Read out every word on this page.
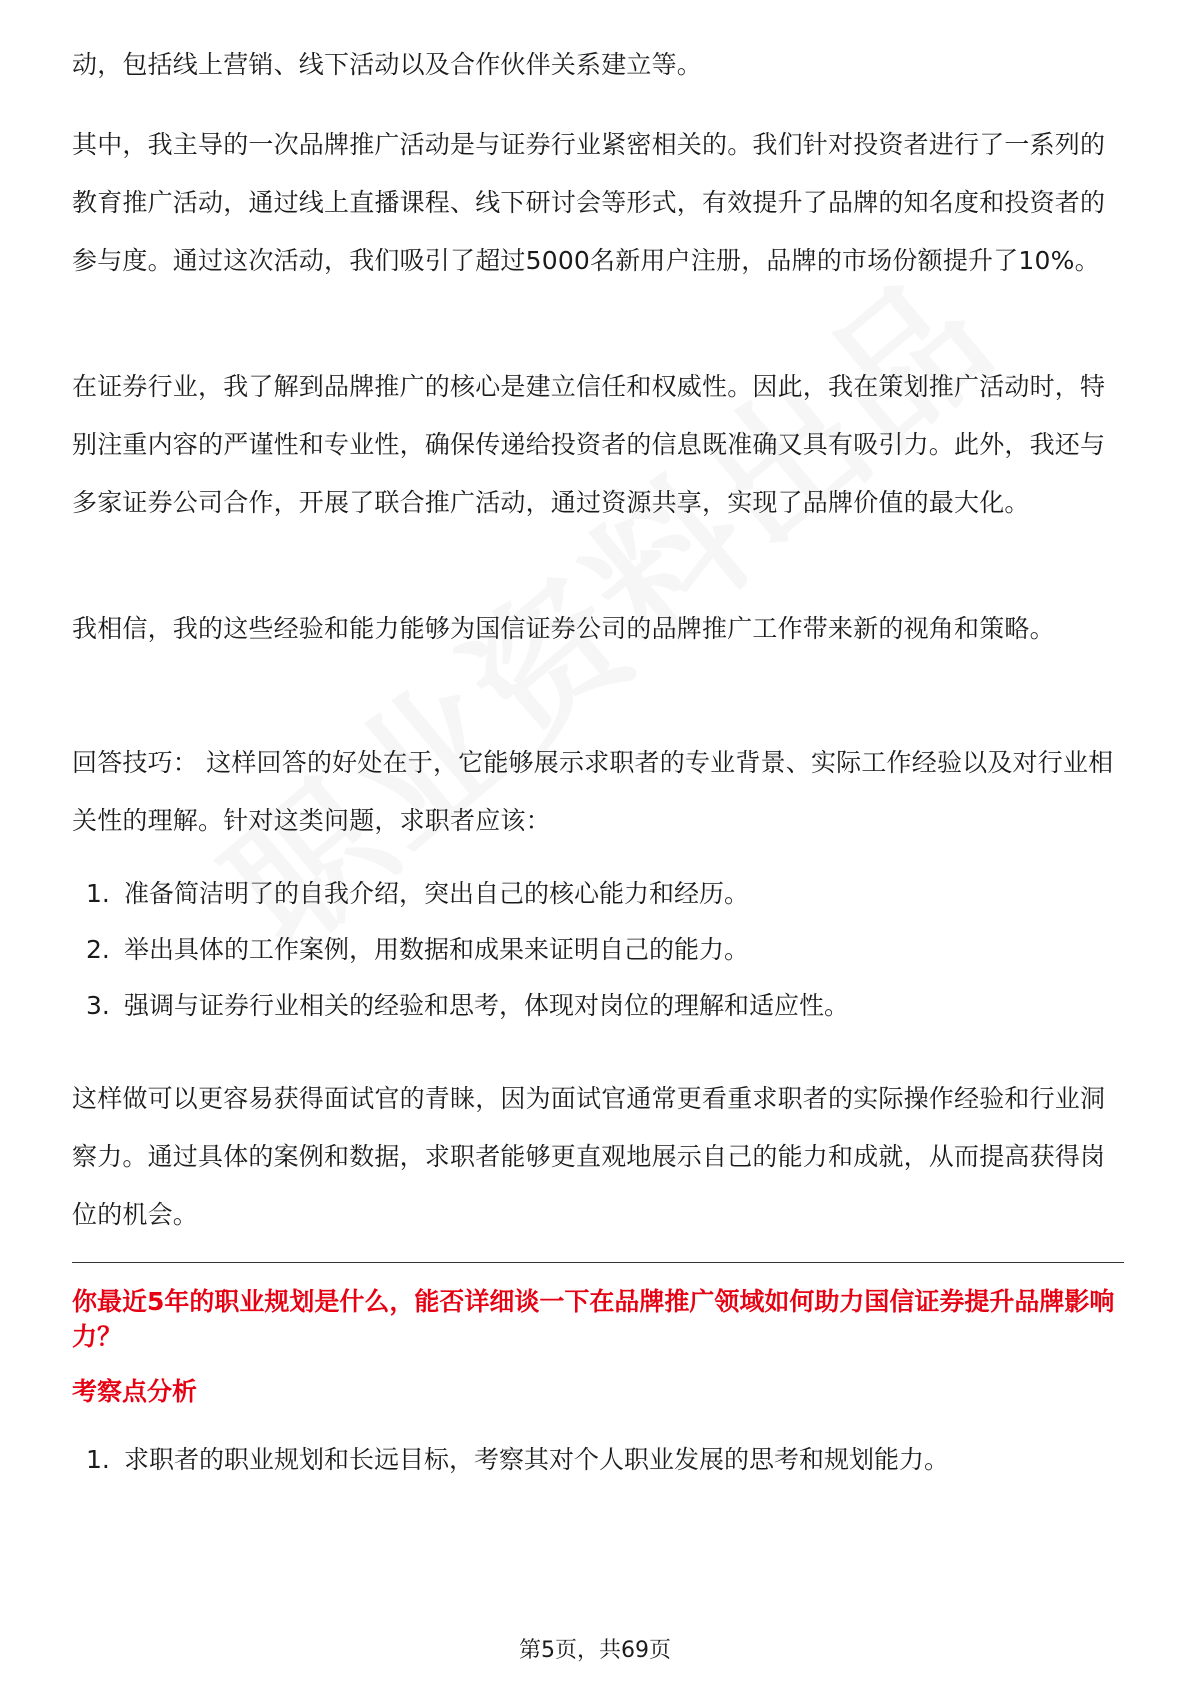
动，包括线上营销、线下活动以及合作伙伴关系建立等。

其中，我主导的一次品牌推广活动是与证券行业紧密相关的。我们针对投资者进行了一系列的教育推广活动，通过线上直播课程、线下研讨会等形式，有效提升了品牌的知名度和投资者的参与度。通过这次活动，我们吸引了超过5000名新用户注册，品牌的市场份额提升了10%。

在证券行业，我了解到品牌推广的核心是建立信任和权威性。因此，我在策划推广活动时，特别注重内容的严谨性和专业性，确保传递给投资者的信息既准确又具有吸引力。此外，我还与多家证券公司合作，开展了联合推广活动，通过资源共享，实现了品牌价值的最大化。

我相信，我的这些经验和能力能够为国信证券公司的品牌推广工作带来新的视角和策略。

回答技巧： 这样回答的好处在于，它能够展示求职者的专业背景、实际工作经验以及对行业相关性的理解。针对这类问题，求职者应该：

1. 准备简洁明了的自我介绍，突出自己的核心能力和经历。
2. 举出具体的工作案例，用数据和成果来证明自己的能力。
3. 强调与证券行业相关的经验和思考，体现对岗位的理解和适应性。

这样做可以更容易获得面试官的青睐，因为面试官通常更看重求职者的实际操作经验和行业洞察力。通过具体的案例和数据，求职者能够更直观地展示自己的能力和成就，从而提高获得岗位的机会。

你最近5年的职业规划是什么，能否详细谈一下在品牌推广领域如何助力国信证券提升品牌影响力？

考察点分析

1. 求职者的职业规划和长远目标，考察其对个人职业发展的思考和规划能力。
第5页，共69页
